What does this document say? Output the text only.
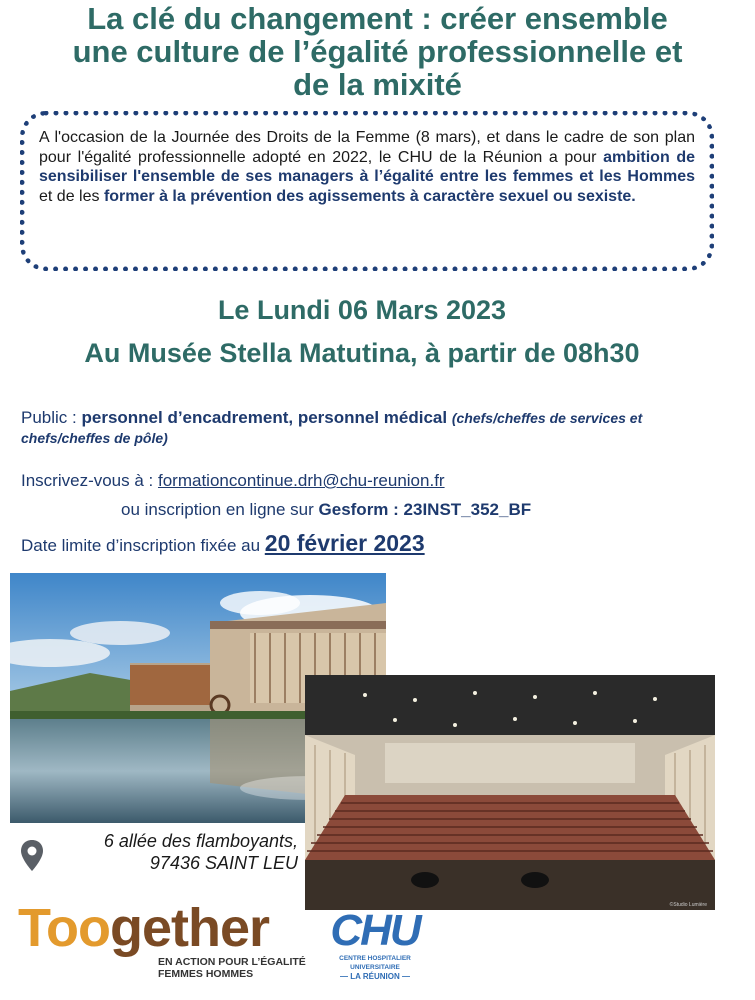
La clé du changement : créer ensemble
une culture de l’égalité professionnelle et
de la mixité
A l'occasion de la Journée des Droits de la Femme (8 mars), et dans le cadre de son plan pour l'égalité professionnelle adopté en 2022, le CHU de la Réunion a pour ambition de sensibiliser l'ensemble de ses managers à l’égalité entre les femmes et les Hommes et de les former à la prévention des agissements à caractère sexuel ou sexiste.
Le Lundi 06 Mars 2023
Au Musée Stella Matutina, à partir de 08h30
Public : personnel d’encadrement, personnel médical (chefs/cheffes de services et chefs/cheffes de pôle)
Inscrivez-vous à : formationcontinue.drh@chu-reunion.fr
ou inscription en ligne sur Gesform : 23INST_352_BF
Date limite d’inscription fixée au 20 février 2023
©Studio Lumière
6 allée des flamboyants,
97436 SAINT LEU
Toogether
EN ACTION POUR L’ÉGALITÉ
FEMMES HOMMES
CHU
CENTRE HOSPITALIER UNIVERSITAIRE
— LA RÉUNION —
